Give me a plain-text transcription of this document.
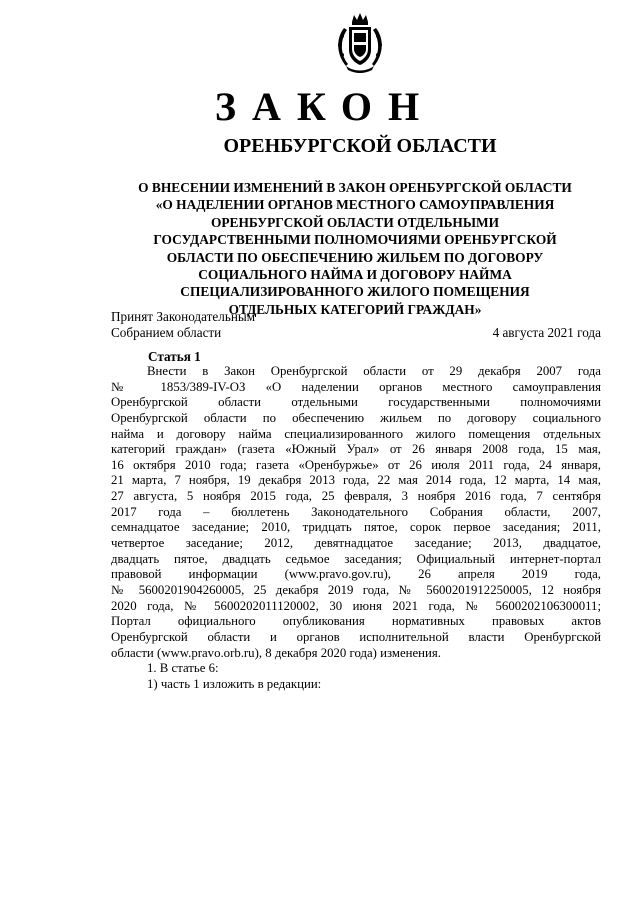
ЗАКОН
ОРЕНБУРГСКОЙ ОБЛАСТИ
О ВНЕСЕНИИ ИЗМЕНЕНИЙ В ЗАКОН ОРЕНБУРГСКОЙ ОБЛАСТИ
«О НАДЕЛЕНИИ ОРГАНОВ МЕСТНОГО САМОУПРАВЛЕНИЯ
ОРЕНБУРГСКОЙ ОБЛАСТИ ОТДЕЛЬНЫМИ
ГОСУДАРСТВЕННЫМИ ПОЛНОМОЧИЯМИ ОРЕНБУРГСКОЙ
ОБЛАСТИ ПО ОБЕСПЕЧЕНИЮ ЖИЛЬЕМ ПО ДОГОВОРУ
СОЦИАЛЬНОГО НАЙМА И ДОГОВОРУ НАЙМА
СПЕЦИАЛИЗИРОВАННОГО ЖИЛОГО ПОМЕЩЕНИЯ
ОТДЕЛЬНЫХ КАТЕГОРИЙ ГРАЖДАН»
Принят Законодательным
Собранием области	4 августа 2021 года
Статья 1
Внести в Закон Оренбургской области от 29 декабря 2007 года
№ 1853/389-IV-ОЗ «О наделении органов местного самоуправления
Оренбургской области отдельными государственными полномочиями
Оренбургской области по обеспечению жильем по договору социального
найма и договору найма специализированного жилого помещения отдельных
категорий граждан» (газета «Южный Урал» от 26 января 2008 года, 15 мая,
16 октября 2010 года; газета «Оренбуржье» от 26 июля 2011 года, 24 января,
21 марта, 7 ноября, 19 декабря 2013 года, 22 мая 2014 года, 12 марта, 14 мая,
27 августа, 5 ноября 2015 года, 25 февраля, 3 ноября 2016 года, 7 сентября
2017 года – бюллетень Законодательного Собрания области, 2007,
семнадцатое заседание; 2010, тридцать пятое, сорок первое заседания; 2011,
четвертое заседание; 2012, девятнадцатое заседание; 2013, двадцатое,
двадцать пятое, двадцать седьмое заседания; Официальный интернет-портал
правовой информации (www.pravo.gov.ru), 26 апреля 2019 года,
№ 5600201904260005, 25 декабря 2019 года, № 5600201912250005, 12 ноября
2020 года, № 5600202011120002, 30 июня 2021 года, № 5600202106300011;
Портал официального опубликования нормативных правовых актов
Оренбургской области и органов исполнительной власти Оренбургской
области (www.pravo.orb.ru), 8 декабря 2020 года) изменения.
1. В статье 6:
1) часть 1 изложить в редакции:
